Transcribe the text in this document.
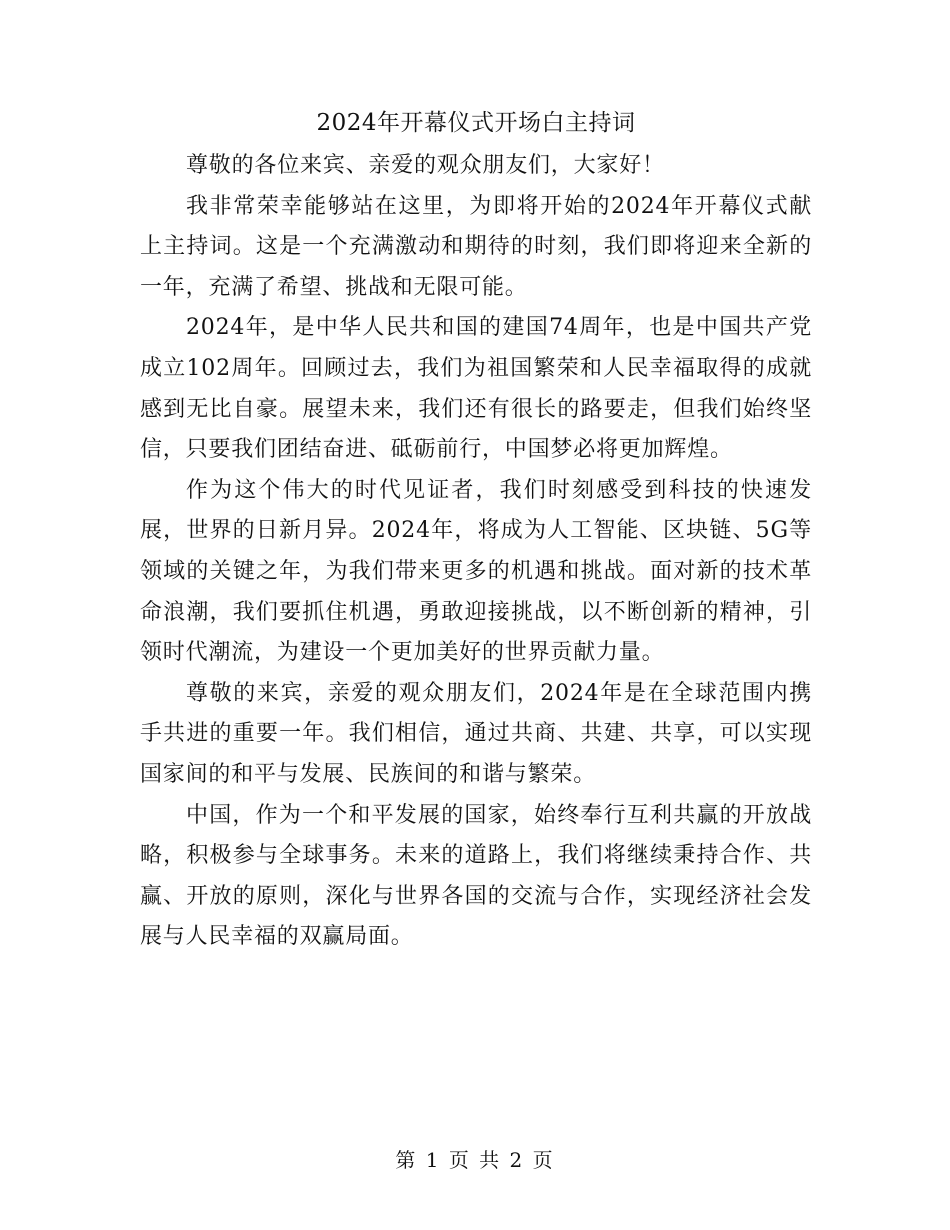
2024年开幕仪式开场白主持词

尊敬的各位来宾、亲爱的观众朋友们，大家好！

我非常荣幸能够站在这里，为即将开始的2024年开幕仪式献上主持词。这是一个充满激动和期待的时刻，我们即将迎来全新的一年，充满了希望、挑战和无限可能。

2024年，是中华人民共和国的建国74周年，也是中国共产党成立102周年。回顾过去，我们为祖国繁荣和人民幸福取得的成就感到无比自豪。展望未来，我们还有很长的路要走，但我们始终坚信，只要我们团结奋进、砥砺前行，中国梦必将更加辉煌。

作为这个伟大的时代见证者，我们时刻感受到科技的快速发展，世界的日新月异。2024年，将成为人工智能、区块链、5G等领域的关键之年，为我们带来更多的机遇和挑战。面对新的技术革命浪潮，我们要抓住机遇，勇敢迎接挑战，以不断创新的精神，引领时代潮流，为建设一个更加美好的世界贡献力量。

尊敬的来宾，亲爱的观众朋友们，2024年是在全球范围内携手共进的重要一年。我们相信，通过共商、共建、共享，可以实现国家间的和平与发展、民族间的和谐与繁荣。

中国，作为一个和平发展的国家，始终奉行互利共赢的开放战略，积极参与全球事务。未来的道路上，我们将继续秉持合作、共赢、开放的原则，深化与世界各国的交流与合作，实现经济社会发展与人民幸福的双赢局面。

第 1 页 共 2 页
